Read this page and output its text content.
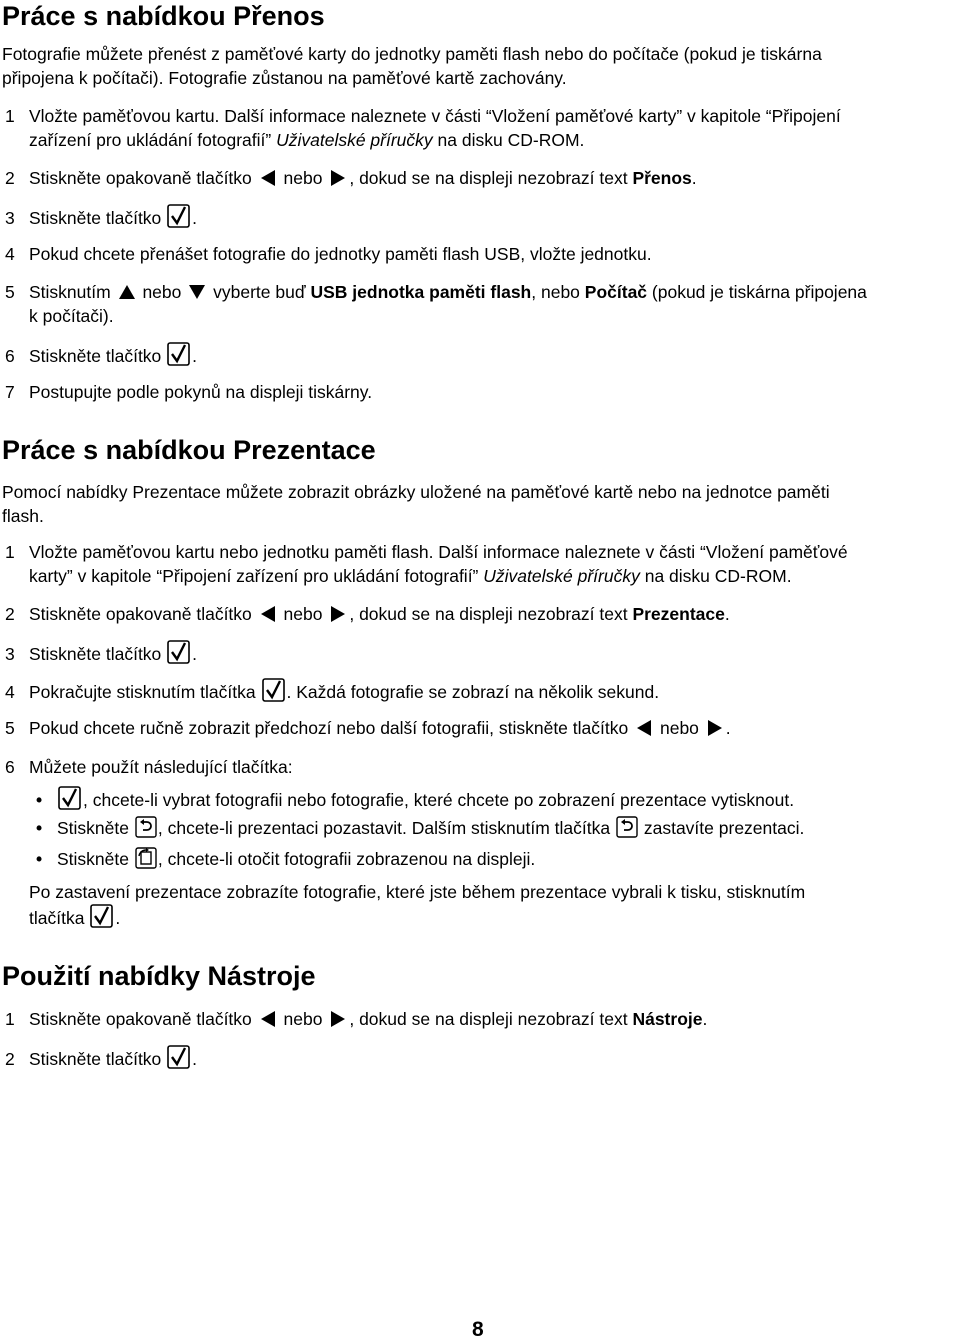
Práce s nabídkou Přenos

Fotografie můžete přenést z paměťové karty do jednotky paměti flash nebo do počítače (pokud je tiskárna
připojena k počítači). Fotografie zůstanou na paměťové kartě zachovány.

1 Vložte paměťovou kartu. Další informace naleznete v části “Vložení paměťové karty” v kapitole “Připojení

zařízení pro ukládání fotografií” Uživatelské příručky na disku CD-ROM.

2 Stiskněte opakovaně tlačítko nebo , dokud se na displeji nezobrazí text Přenos.

3 Stiskněte tlačítko .

4 Pokud chcete přenášet fotografie do jednotky paměti flash USB, vložte jednotku.

5 Stisknutím nebo vyberte buď USB jednotka paměti flash, nebo Počítač (pokud je tiskárna připojena

k počítači).

6 Stiskněte tlačítko .

7 Postupujte podle pokynů na displeji tiskárny.

Práce s nabídkou Prezentace

Pomocí nabídky Prezentace můžete zobrazit obrázky uložené na paměťové kartě nebo na jednotce paměti
flash.

1 Vložte paměťovou kartu nebo jednotku paměti flash. Další informace naleznete v části “Vložení paměťové

karty” v kapitole “Připojení zařízení pro ukládání fotografií” Uživatelské příručky na disku CD-ROM.

2 Stiskněte opakovaně tlačítko nebo , dokud se na displeji nezobrazí text Prezentace.

3 Stiskněte tlačítko .

4 Pokračujte stisknutím tlačítka . Každá fotografie se zobrazí na několik sekund.

5 Pokud chcete ručně zobrazit předchozí nebo další fotografii, stiskněte tlačítko nebo .

6 Můžete použít následující tlačítka:

• , chcete-li vybrat fotografii nebo fotografie, které chcete po zobrazení prezentace vytisknout.
• Stiskněte , chcete-li prezentaci pozastavit. Dalším stisknutím tlačítka zastavíte prezentaci.
• Stiskněte , chcete-li otočit fotografii zobrazenou na displeji.

Po zastavení prezentace zobrazíte fotografie, které jste během prezentace vybrali k tisku, stisknutím
tlačítka .

Použití nabídky Nástroje

1 Stiskněte opakovaně tlačítko nebo , dokud se na displeji nezobrazí text Nástroje.

2 Stiskněte tlačítko .

8
